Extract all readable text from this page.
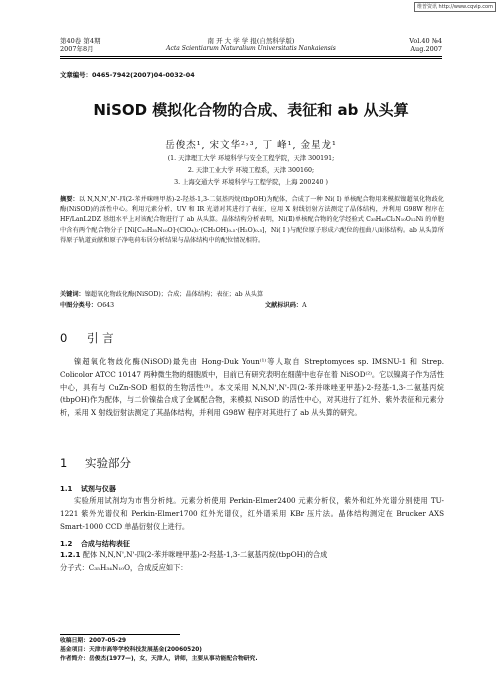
维普资讯 http://www.cqvip.com
第40卷 第4期
2007年8月
南 开 大 学 学 报(自然科学版)
Acta Scientiarum Naturalium Universitatis Nankaiensis
Vol.40 №4
Aug.2007
文章编号：0465-7942(2007)04-0032-04
NiSOD 模拟化合物的合成、表征和 ab 从头算
岳俊杰¹, 宋文华²˒³, 丁 峰¹, 金星龙¹
(1. 天津理工大学 环境科学与安全工程学院，天津 300191;
2. 天津工业大学 环境工程系，天津 300160;
3. 上海交通大学 环境科学与工程学院，上海 200240 )
摘要：以 N,N,N',N'-四(2-苯并咪唑甲基)-2-羟基-1,3-二氨基丙烷(tbpOH)为配体，合成了一种 Ni( Ⅰ) 单核配合物用来模拟镍超氧化物歧化酶(NiSOD)的活性中心。利用元素分析、UV 和 IR 光谱对其进行了表征，应用 X 射线衍射方法测定了晶体结构，并利用 G98W 程序在 HF/LanL2DZ 基组水平上对该配合物进行了 ab 从头算。晶体结构分析表明，Ni(Ⅱ)单核配合物的化学经验式 C₃₅H₄₅Cl₂N₁₀O₁₂Ni 的单胞中含有两个配合物分子 [Ni[C₃₅H₃₅N₁₀O]·(ClO₄)₂·(CH₃OH)₀.₅·(H₂O)₀.₅]，Ni( Ⅰ )与配位原子形成六配位的扭曲八面体结构。ab 从头算所得原子轨道贡献和原子净电荷布居分析结果与晶体结构中的配位情况相符。
关键词：镍超氧化物歧化酶(NiSOD)；合成；晶体结构；表征；ab 从头算
中图分类号：O643	文献标识码：A
0 引 言
镍超氧化物歧化酶(NiSOD)最先由 Hong-Duk Youn⁽¹⁾等人取自 Streptomyces sp. IMSNU-1 和 Strep. Colicolor ATCC 10147 两种微生物的细胞质中，目前已有研究表明在细菌中也存在着 NiSOD⁽²⁾。它以镍离子作为活性中心，具有与 CuZn-SOD 相似的生物活性⁽³⁾。本文采用 N,N,N',N'-四(2-苯并咪唑亚甲基)-2-羟基-1,3-二氨基丙烷(tbpOH)作为配体，与二价镍盐合成了金属配合物，来模拟 NiSOD 的活性中心，对其进行了红外、紫外表征和元素分析，采用 X 射线衍射法测定了其晶体结构，并利用 G98W 程序对其进行了 ab 从头算的研究。
1 实验部分
1.1 试剂与仪器
实验所用试剂均为市售分析纯。元素分析使用 Perkin-Elmer2400 元素分析仪，紫外和红外光谱分别使用 TU-1221 紫外光谱仪和 Perkin-Elmer1700 红外光谱仪，红外谱采用 KBr 压片法。晶体结构测定在 Brucker AXS Smart-1000 CCD 单晶衍射仪上进行。
1.2 合成与结构表征
1.2.1 配体 N,N,N',N'-四(2-苯并咪唑甲基)-2-羟基-1,3-二氨基丙烷(tbpOH)的合成
分子式：C₃₅H₃₄N₁₀O，合成反应如下：
收稿日期：2007-05-29
基金项目：天津市高等学校科技发展基金(20060520)
作者简介：岳俊杰(1977—)，女，天津人，讲师，主要从事功能配合物研究.
